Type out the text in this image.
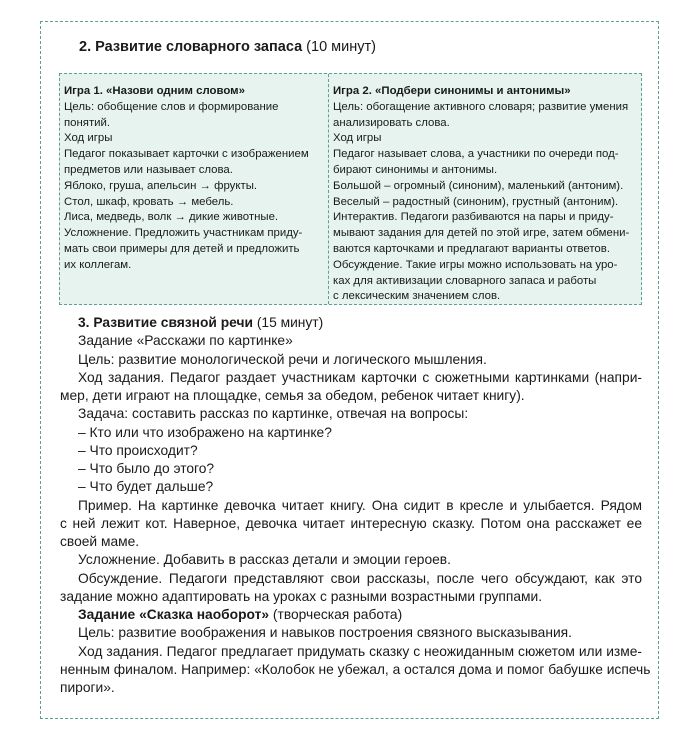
2. Развитие словарного запаса (10 минут)
Игра 1. «Назови одним словом»
Цель: обобщение слов и формирование
понятий.
Ход игры
Педагог показывает карточки с изображением
предметов или называет слова.
Яблоко, груша, апельсин → фрукты.
Стол, шкаф, кровать → мебель.
Лиса, медведь, волк → дикие животные.
Усложнение. Предложить участникам приду-
мать свои примеры для детей и предложить
их коллегам.
Игра 2. «Подбери синонимы и антонимы»
Цель: обогащение активного словаря; развитие умения
анализировать слова.
Ход игры
Педагог называет слова, а участники по очереди под-
бирают синонимы и антонимы.
Большой – огромный (синоним), маленький (антоним).
Веселый – радостный (синоним), грустный (антоним).
Интерактив. Педагоги разбиваются на пары и приду-
мывают задания для детей по этой игре, затем обмени-
ваются карточками и предлагают варианты ответов.
Обсуждение. Такие игры можно использовать на уро-
ках для активизации словарного запаса и работы
с лексическим значением слов.
3. Развитие связной речи (15 минут)
Задание «Расскажи по картинке»
Цель: развитие монологической речи и логического мышления.
Ход задания. Педагог раздает участникам карточки с сюжетными картинками (напри-
мер, дети играют на площадке, семья за обедом, ребенок читает книгу).
Задача: составить рассказ по картинке, отвечая на вопросы:
– Кто или что изображено на картинке?
– Что происходит?
– Что было до этого?
– Что будет дальше?
Пример. На картинке девочка читает книгу. Она сидит в кресле и улыбается. Рядом
с ней лежит кот. Наверное, девочка читает интересную сказку. Потом она расскажет ее
своей маме.
Усложнение. Добавить в рассказ детали и эмоции героев.
Обсуждение. Педагоги представляют свои рассказы, после чего обсуждают, как это
задание можно адаптировать на уроках с разными возрастными группами.
Задание «Сказка наоборот» (творческая работа)
Цель: развитие воображения и навыков построения связного высказывания.
Ход задания. Педагог предлагает придумать сказку с неожиданным сюжетом или изме-
ненным финалом. Например: «Колобок не убежал, а остался дома и помог бабушке испечь
пироги».
